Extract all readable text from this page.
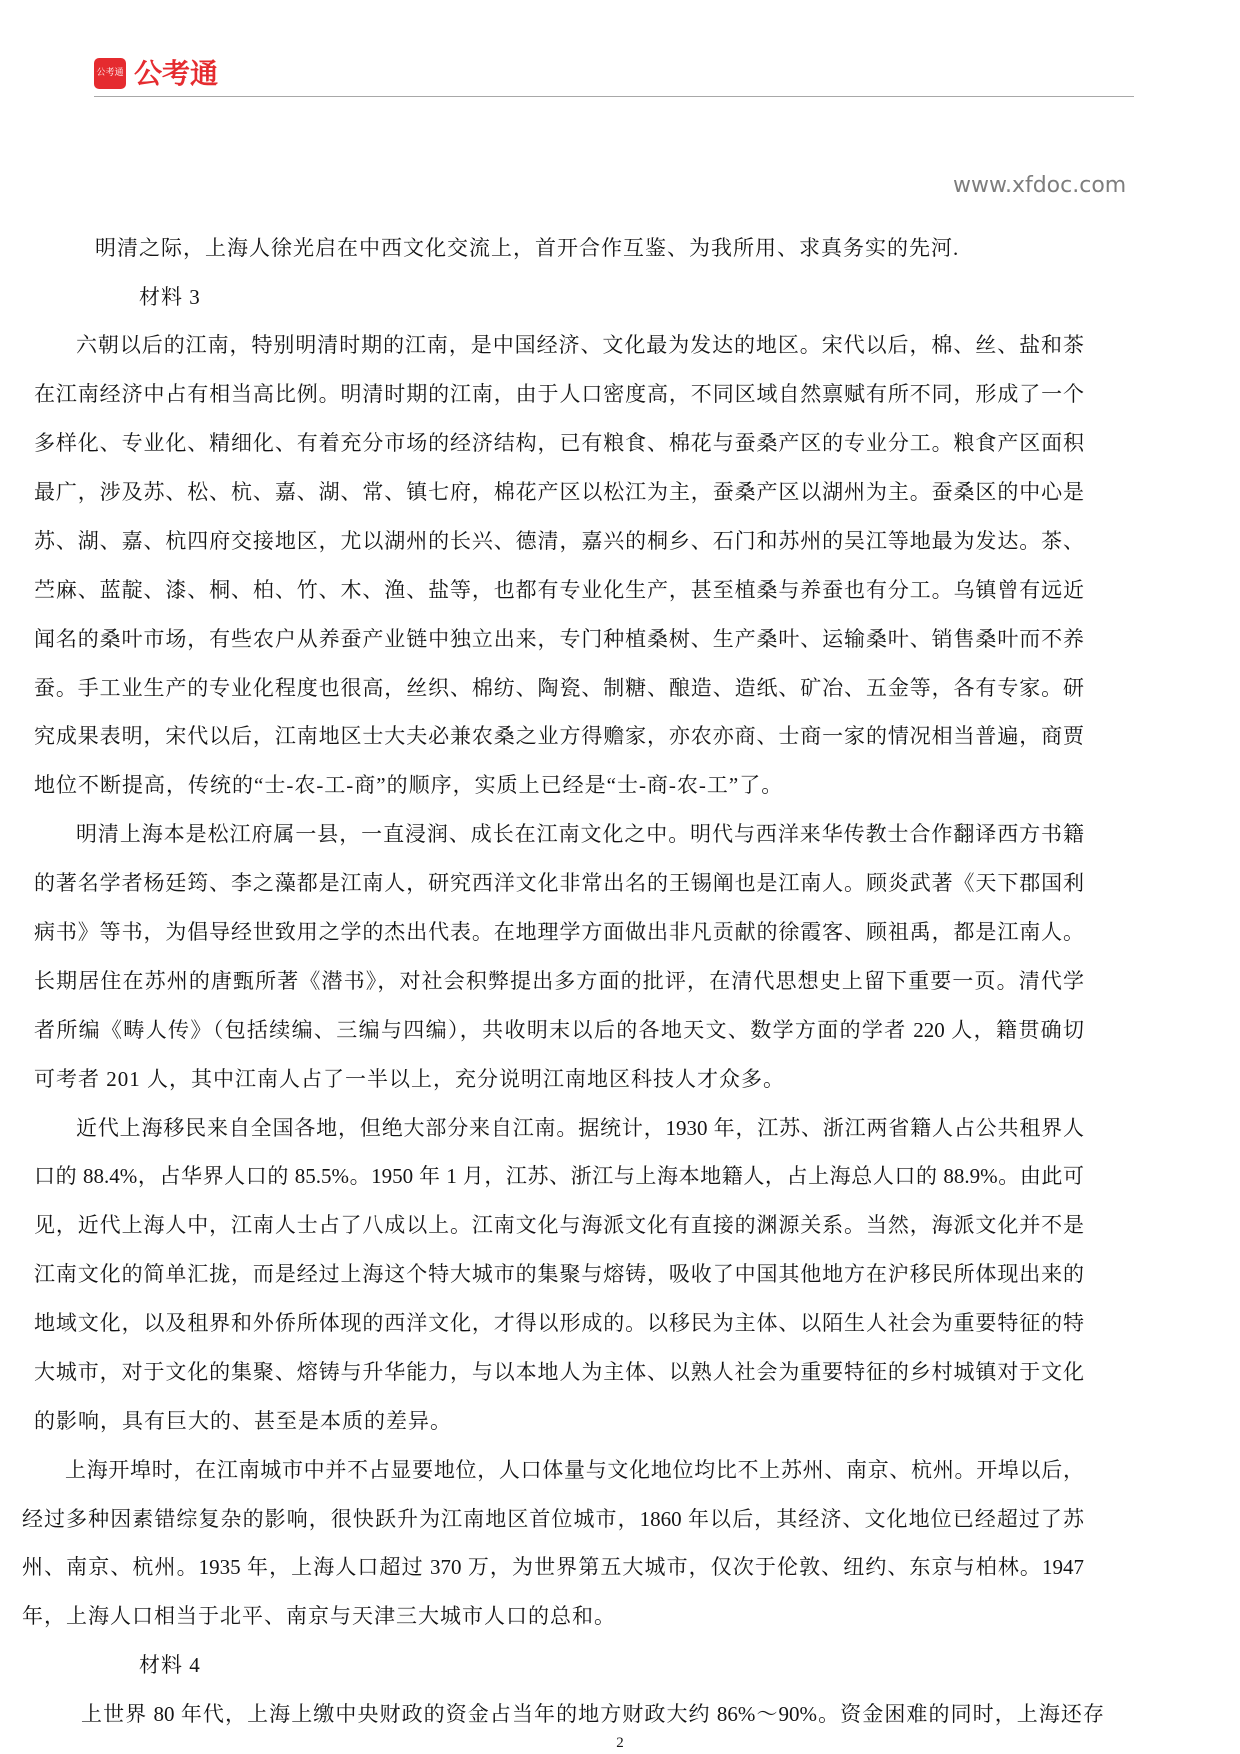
公考通 公考通
www.xfdoc.com
明清之际，上海人徐光启在中西文化交流上，首开合作互鉴、为我所用、求真务实的先河.
材料 3
六朝以后的江南，特别明清时期的江南，是中国经济、文化最为发达的地区。宋代以后，棉、丝、盐和茶
在江南经济中占有相当高比例。明清时期的江南，由于人口密度高，不同区域自然禀赋有所不同，形成了一个
多样化、专业化、精细化、有着充分市场的经济结构，已有粮食、棉花与蚕桑产区的专业分工。粮食产区面积
最广，涉及苏、松、杭、嘉、湖、常、镇七府，棉花产区以松江为主，蚕桑产区以湖州为主。蚕桑区的中心是
苏、湖、嘉、杭四府交接地区，尤以湖州的长兴、德清，嘉兴的桐乡、石门和苏州的吴江等地最为发达。茶、
苎麻、蓝靛、漆、桐、柏、竹、木、渔、盐等，也都有专业化生产，甚至植桑与养蚕也有分工。乌镇曾有远近
闻名的桑叶市场，有些农户从养蚕产业链中独立出来，专门种植桑树、生产桑叶、运输桑叶、销售桑叶而不养
蚕。手工业生产的专业化程度也很高，丝织、棉纺、陶瓷、制糖、酿造、造纸、矿冶、五金等，各有专家。研
究成果表明，宋代以后，江南地区士大夫必兼农桑之业方得赡家，亦农亦商、士商一家的情况相当普遍，商贾
地位不断提高，传统的“士-农-工-商”的顺序，实质上已经是“士-商-农-工”了。
明清上海本是松江府属一县，一直浸润、成长在江南文化之中。明代与西洋来华传教士合作翻译西方书籍
的著名学者杨廷筠、李之藻都是江南人，研究西洋文化非常出名的王锡阐也是江南人。顾炎武著《天下郡国利
病书》等书，为倡导经世致用之学的杰出代表。在地理学方面做出非凡贡献的徐霞客、顾祖禹，都是江南人。
长期居住在苏州的唐甄所著《潜书》，对社会积弊提出多方面的批评，在清代思想史上留下重要一页。清代学
者所编《畴人传》（包括续编、三编与四编），共收明末以后的各地天文、数学方面的学者 220 人，籍贯确切
可考者 201 人，其中江南人占了一半以上，充分说明江南地区科技人才众多。
近代上海移民来自全国各地，但绝大部分来自江南。据统计，1930 年，江苏、浙江两省籍人占公共租界人
口的 88.4%，占华界人口的 85.5%。1950 年 1 月，江苏、浙江与上海本地籍人，占上海总人口的 88.9%。由此可
见，近代上海人中，江南人士占了八成以上。江南文化与海派文化有直接的渊源关系。当然，海派文化并不是
江南文化的简单汇拢，而是经过上海这个特大城市的集聚与熔铸，吸收了中国其他地方在沪移民所体现出来的
地域文化，以及租界和外侨所体现的西洋文化，才得以形成的。以移民为主体、以陌生人社会为重要特征的特
大城市，对于文化的集聚、熔铸与升华能力，与以本地人为主体、以熟人社会为重要特征的乡村城镇对于文化
的影响，具有巨大的、甚至是本质的差异。
上海开埠时，在江南城市中并不占显要地位，人口体量与文化地位均比不上苏州、南京、杭州。开埠以后，
经过多种因素错综复杂的影响，很快跃升为江南地区首位城市，1860 年以后，其经济、文化地位已经超过了苏
州、南京、杭州。1935 年，上海人口超过 370 万，为世界第五大城市，仅次于伦敦、纽约、东京与柏林。1947
年，上海人口相当于北平、南京与天津三大城市人口的总和。
材料 4
上世界 80 年代，上海上缴中央财政的资金占当年的地方财政大约 86%～90%。资金困难的同时，上海还存
2
